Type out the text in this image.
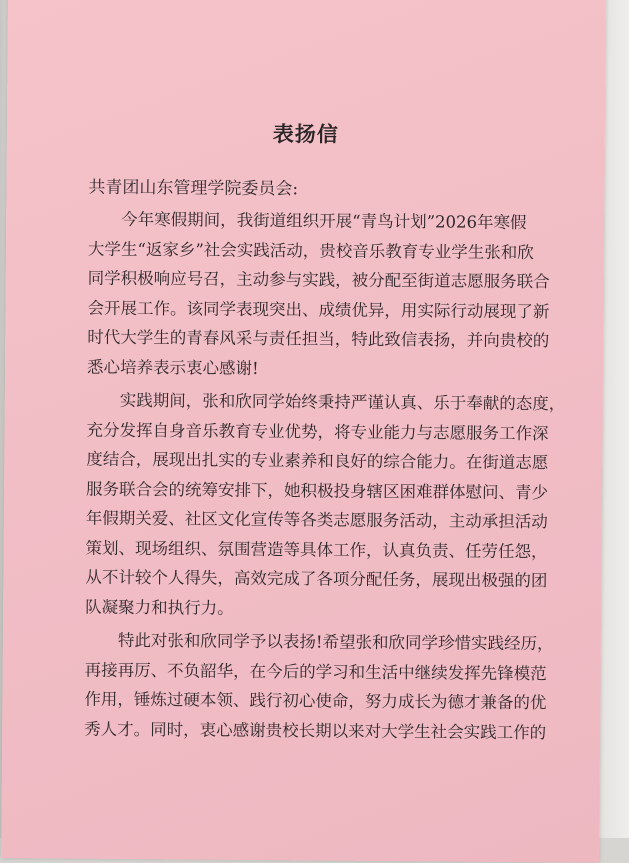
表扬信

共青团山东管理学院委员会:

今年寒假期间，我街道组织开展“青鸟计划”2026年寒假

大学生“返家乡”社会实践活动，贵校音乐教育专业学生张和欣

同学积极响应号召，主动参与实践，被分配至街道志愿服务联合

会开展工作。该同学表现突出、成绩优异，用实际行动展现了新

时代大学生的青春风采与责任担当，特此致信表扬，并向贵校的

悉心培养表示衷心感谢!

实践期间，张和欣同学始终秉持严谨认真、乐于奉献的态度，

充分发挥自身音乐教育专业优势，将专业能力与志愿服务工作深

度结合，展现出扎实的专业素养和良好的综合能力。在街道志愿

服务联合会的统筹安排下，她积极投身辖区困难群体慰问、青少

年假期关爱、社区文化宣传等各类志愿服务活动，主动承担活动

策划、现场组织、氛围营造等具体工作，认真负责、任劳任怨，

从不计较个人得失，高效完成了各项分配任务，展现出极强的团

队凝聚力和执行力。

特此对张和欣同学予以表扬!希望张和欣同学珍惜实践经历，

再接再厉、不负韶华，在今后的学习和生活中继续发挥先锋模范

作用，锤炼过硬本领、践行初心使命，努力成长为德才兼备的优

秀人才。同时，衷心感谢贵校长期以来对大学生社会实践工作的
